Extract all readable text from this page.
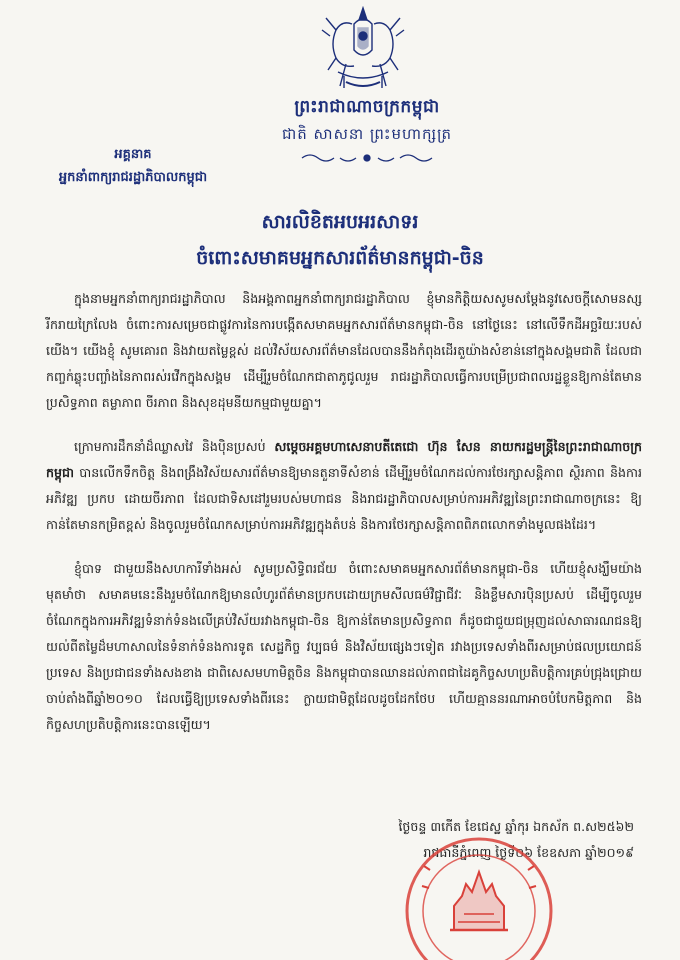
ព្រះរាជាណាចក្រកម្ពុជា
ជាតិ សាសនា ព្រះមហាក្សត្រ
អគ្គនាគ
អ្នកនាំពាក្យរាជរដ្ឋាភិបាលកម្ពុជា
សារលិខិតអបអរសាទរ
ចំពោះសមាគមអ្នកសារព័ត៌មានកម្ពុជា-ចិន

ក្នុងនាមអ្នកនាំពាក្យរាជរដ្ឋាភិបាល និងអង្គភាពអ្នកនាំពាក្យរាជរដ្ឋាភិបាល ខ្ញុំមានកិត្តិយសសូមសម្តែងនូវសេចក្តីសោមនស្សរីករាយក្រៃលែង ចំពោះការសម្រេចជាផ្លូវការនៃការបង្កើតសមាគមអ្នកសារព័ត៌មានកម្ពុជា-ចិន នៅថ្ងៃនេះ នៅលើទឹកដីអច្ឆរិយៈរបស់យើង។ យើងខ្ញុំ សូមគោរព និងវាយតម្លៃខ្ពស់ ដល់វិស័យសារព័ត៌មានដែលបាននឹងកំពុងដើរតួយ៉ាងសំខាន់នៅក្នុងសង្គមជាតិ ដែលជាកញ្ចក់ឆ្លុះបញ្ចាំងនៃភាពរស់រវើកក្នុងសង្គម ដើម្បីរួមចំណែកជាតាភូជូលរួម រាជរដ្ឋាភិបាលធ្វើការបម្រើប្រជាពលរដ្ឋខ្លួនឱ្យកាន់តែមានប្រសិទ្ធភាព តម្លាភាព ចីរភាព និងសុខដុមនីយកម្មជាមួយគ្នា។

ក្រោមការដឹកនាំដ៏ឈ្លាសវៃ និងប៉ិនប្រសប់ សម្តេចអគ្គមហាសេនាបតីតេជោ ហ៊ុន សែន នាយករដ្ឋមន្ត្រីនៃព្រះរាជាណាចក្រកម្ពុជា បានលើកទឹកចិត្ត និងពង្រឹងវិស័យសារព័ត៌មានឱ្យមានតួនាទីសំខាន់ ដើម្បីរួមចំណែកដល់ការថែរក្សាសន្តិភាព ស្ថិរភាព និងការអភិវឌ្ឍ ប្រកប ដោយចីរភាព ដែលជាទិសដៅរួមរបស់មហាជន និងរាជរដ្ឋាភិបាលសម្រាប់ការអភិវឌ្ឍនៃព្រះរាជាណាចក្រនេះ ឱ្យកាន់តែមានកម្រិតខ្ពស់ និងចូលរួមចំណែកសម្រាប់ការអភិវឌ្ឍក្នុងតំបន់ និងការថែរក្សាសន្តិភាពពិភពលោកទាំងមូលផងដែរ។

ខ្ញុំបាទ ជាមួយនឹងសហការីទាំងអស់ សូមប្រសិទ្ធិពរជ័យ ចំពោះសមាគមអ្នកសារព័ត៌មានកម្ពុជា-ចិន ហើយខ្ញុំសង្ឃឹមយ៉ាងមុតមាំថា សមាគមនេះនឹងរួមចំណែកឱ្យមានលំហូរព័ត៌មានប្រកបដោយក្រមសីលធម៌វិជ្ជាជីវៈ និងខ្លឹមសារប៉ិនប្រសប់ ដើម្បីចូលរួមចំណែកក្នុងការអភិវឌ្ឍទំនាក់ទំនងលើគ្រប់វិស័យរវាងកម្ពុជា-ចិន ឱ្យកាន់តែមានប្រសិទ្ធភាព ក៏ដូចជាជួយជម្រុញដល់សាធារណជនឱ្យយល់ពីតម្លៃដ៏មហាសាលនៃទំនាក់ទំនងការទូត សេដ្ឋកិច្ច វប្បធម៌ និងវិស័យផ្សេងៗទៀត រវាងប្រទេសទាំងពីរសម្រាប់ផលប្រយោជន៍ប្រទេស និងប្រជាជនទាំងសងខាង ជាពិសេសមហាមិត្តចិន និងកម្ពុជាបានឈានដល់ភាពជាដៃគូកិច្ចសហប្រតិបត្តិការគ្រប់ជ្រុងជ្រោយ ចាប់តាំងពីឆ្នាំ២០១០ ដែលធ្វើឱ្យប្រទេសទាំងពីរនេះ ក្លាយជាមិត្តដែលដូចដែកថែប ហើយគ្មាននរណាអាចបំបែកមិត្តភាព និងកិច្ចសហប្រតិបត្តិការនេះបានឡើយ។

ថ្ងៃចន្ទ ៣កើត ខែជេស្ឋ ឆ្នាំកុរ ឯកស័ក ព.ស២៥៦២
រាជធានីភ្នំពេញ ថ្ងៃទី០៦ ខែឧសភា ឆ្នាំ២០១៩
